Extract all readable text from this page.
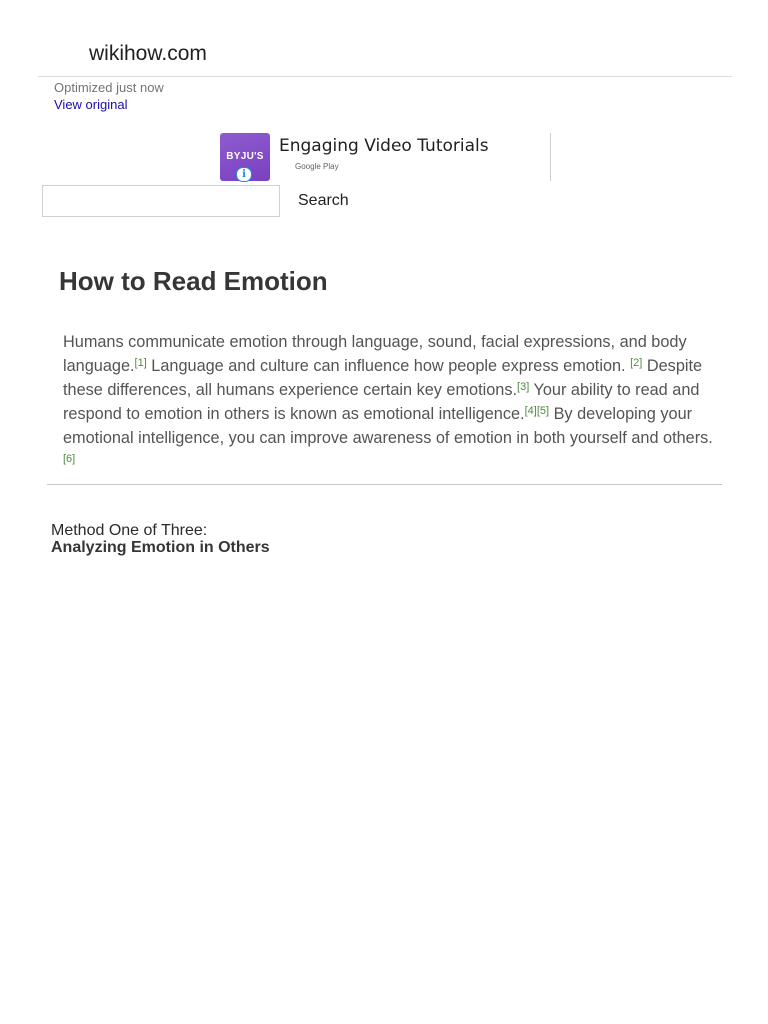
wikihow.com
Optimized just now
View original
BYJU'S
i
Engaging Video Tutorials
Google Play
Search
How to Read Emotion

Humans communicate emotion through language, sound, facial expressions, and body language.[1] Language and culture can influence how people express emotion. [2] Despite these differences, all humans experience certain key emotions.[3] Your ability to read and respond to emotion in others is known as emotional intelligence.[4][5] By developing your emotional intelligence, you can improve awareness of emotion in both yourself and others.[6]

Method One of Three:
Analyzing Emotion in Others
